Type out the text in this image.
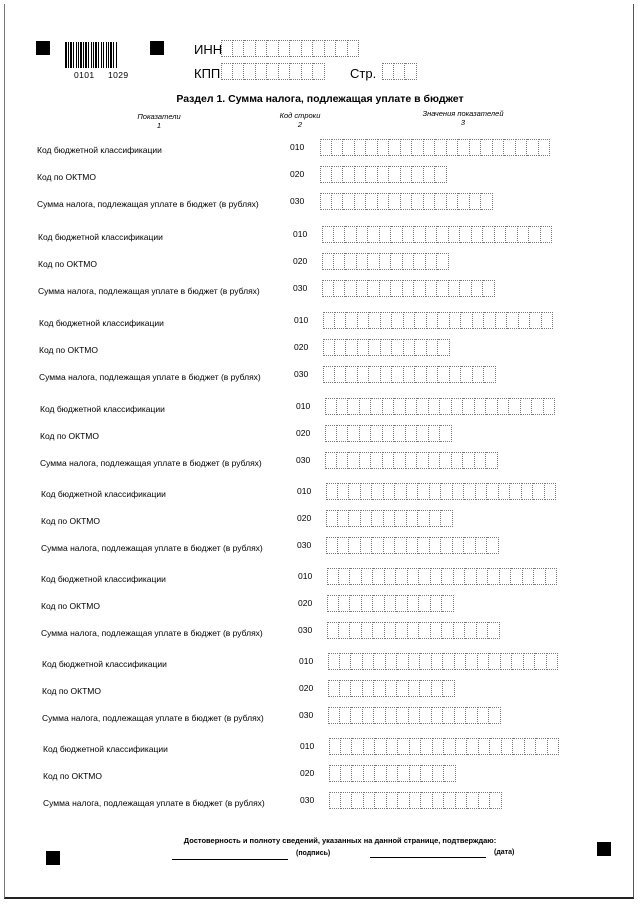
0101 1029
ИНН
КПП	Стр.
Раздел 1. Сумма налога, подлежащая уплате в бюджет
Показатели
1
Код строки
2
Значения показателей
3
Код бюджетной классификации	010
Код по ОКТМО	020
Сумма налога, подлежащая уплате в бюджет (в рублях)	030
Код бюджетной классификации	010
Код по ОКТМО	020
Сумма налога, подлежащая уплате в бюджет (в рублях)	030
Код бюджетной классификации	010
Код по ОКТМО	020
Сумма налога, подлежащая уплате в бюджет (в рублях)	030
Код бюджетной классификации	010
Код по ОКТМО	020
Сумма налога, подлежащая уплате в бюджет (в рублях)	030
Код бюджетной классификации	010
Код по ОКТМО	020
Сумма налога, подлежащая уплате в бюджет (в рублях)	030
Код бюджетной классификации	010
Код по ОКТМО	020
Сумма налога, подлежащая уплате в бюджет (в рублях)	030
Код бюджетной классификации	010
Код по ОКТМО	020
Сумма налога, подлежащая уплате в бюджет (в рублях)	030
Код бюджетной классификации	010
Код по ОКТМО	020
Сумма налога, подлежащая уплате в бюджет (в рублях)	030
Достоверность и полноту сведений, указанных на данной странице, подтверждаю:
(подпись)	(дата)
